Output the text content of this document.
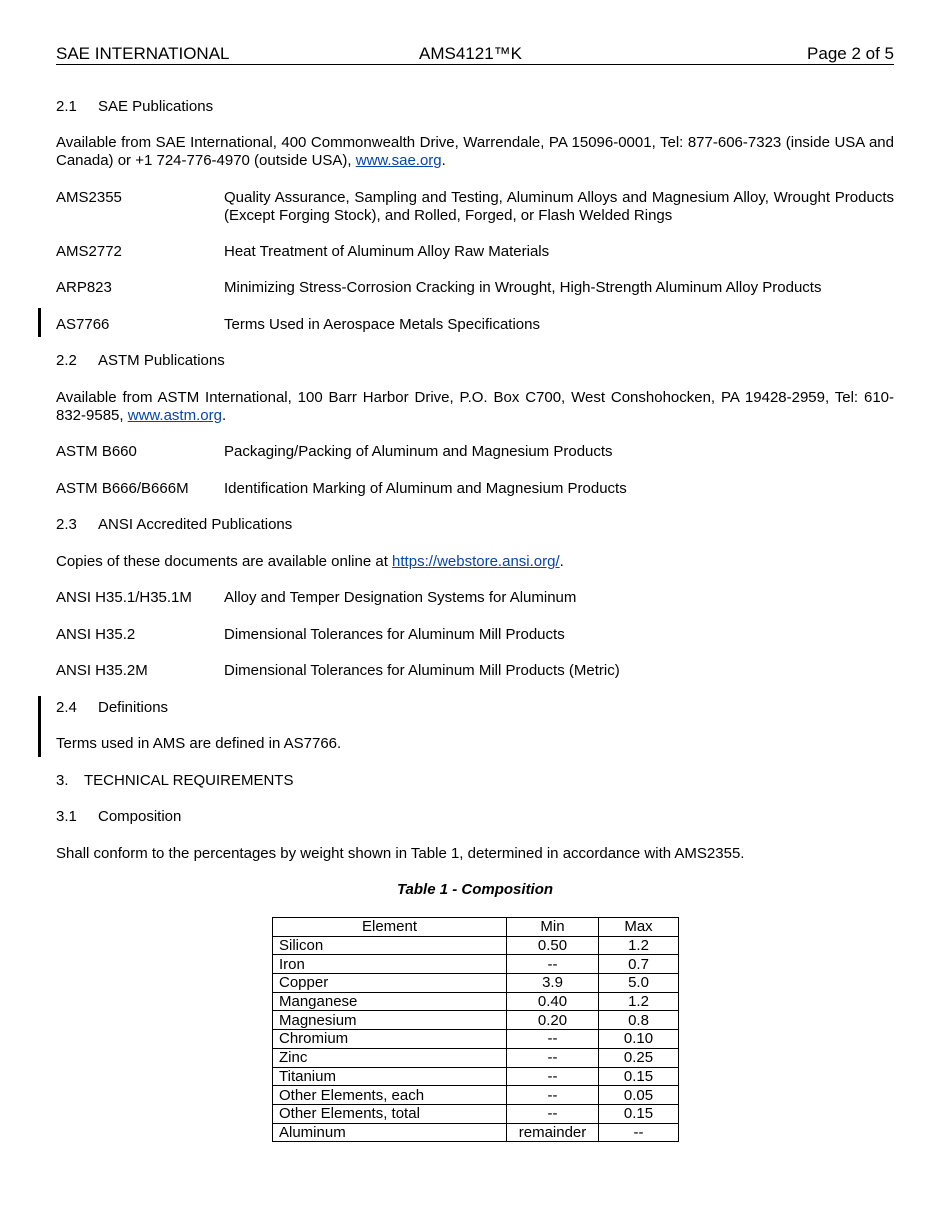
SAE INTERNATIONAL	AMS4121™K	Page 2 of 5
2.1 SAE Publications
Available from SAE International, 400 Commonwealth Drive, Warrendale, PA 15096-0001, Tel: 877-606-7323 (inside USA and Canada) or +1 724-776-4970 (outside USA), www.sae.org.
AMS2355	Quality Assurance, Sampling and Testing, Aluminum Alloys and Magnesium Alloy, Wrought Products (Except Forging Stock), and Rolled, Forged, or Flash Welded Rings
AMS2772	Heat Treatment of Aluminum Alloy Raw Materials
ARP823	Minimizing Stress-Corrosion Cracking in Wrought, High-Strength Aluminum Alloy Products
AS7766	Terms Used in Aerospace Metals Specifications
2.2 ASTM Publications
Available from ASTM International, 100 Barr Harbor Drive, P.O. Box C700, West Conshohocken, PA 19428-2959, Tel: 610-832-9585, www.astm.org.
ASTM B660	Packaging/Packing of Aluminum and Magnesium Products
ASTM B666/B666M Identification Marking of Aluminum and Magnesium Products
2.3 ANSI Accredited Publications
Copies of these documents are available online at https://webstore.ansi.org/.
ANSI H35.1/H35.1M Alloy and Temper Designation Systems for Aluminum
ANSI H35.2	Dimensional Tolerances for Aluminum Mill Products
ANSI H35.2M	Dimensional Tolerances for Aluminum Mill Products (Metric)
2.4 Definitions
Terms used in AMS are defined in AS7766.
3. TECHNICAL REQUIREMENTS
3.1 Composition
Shall conform to the percentages by weight shown in Table 1, determined in accordance with AMS2355.
Table 1 - Composition
Element	Min	Max
Silicon	0.50	1.2
Iron	--	0.7
Copper	3.9	5.0
Manganese	0.40	1.2
Magnesium	0.20	0.8
Chromium	--	0.10
Zinc	--	0.25
Titanium	--	0.15
Other Elements, each	--	0.05
Other Elements, total	--	0.15
Aluminum	remainder	--
